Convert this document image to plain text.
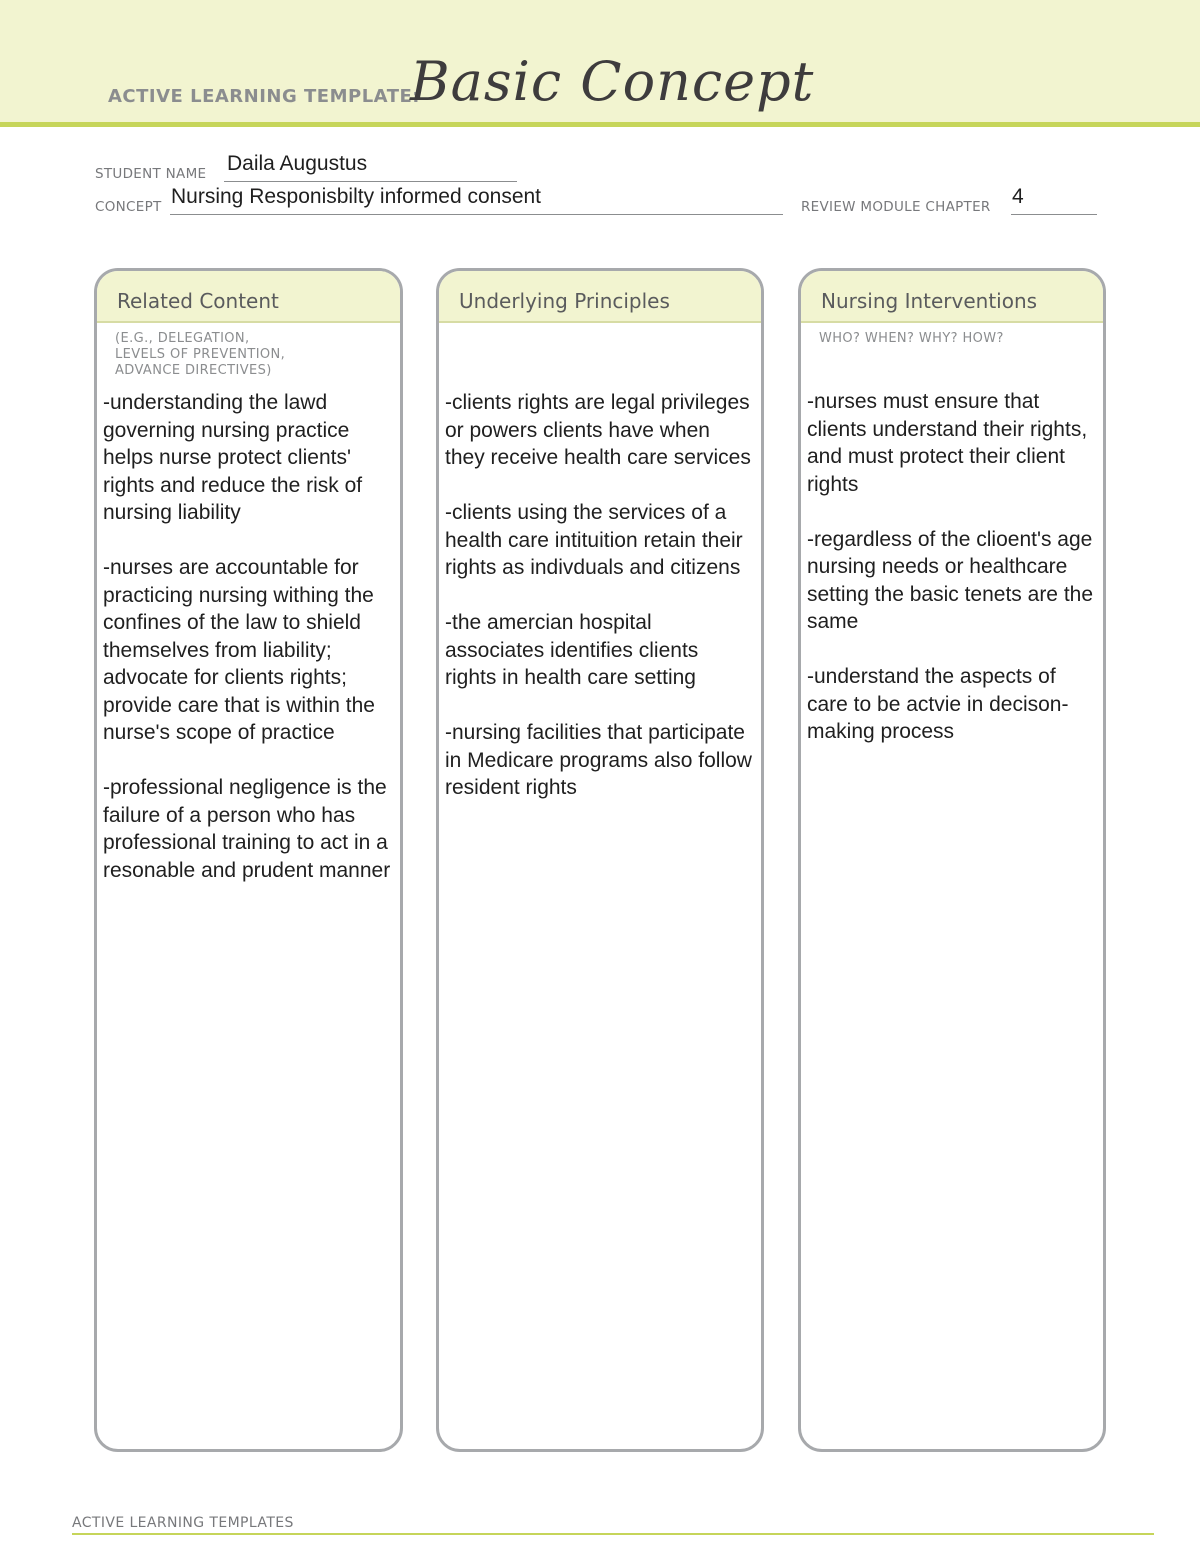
ACTIVE LEARNING TEMPLATE:
Basic Concept
STUDENT NAME Daila Augustus
CONCEPT Nursing Responisbilty informed consent	REVIEW MODULE CHAPTER 4
Related Content
(E.G., DELEGATION,
LEVELS OF PREVENTION,
ADVANCE DIRECTIVES)

-understanding the lawd governing nursing practice helps nurse protect clients' rights and reduce the risk of nursing liability

-nurses are accountable for practicing nursing withing the confines of the law to shield themselves from liability; advocate for clients rights; provide care that is within the nurse's scope of practice

-professional negligence is the failure of a person who has professional training to act in a resonable and prudent manner

Underlying Principles

-clients rights are legal privileges or powers clients have when they receive health care services

-clients using the services of a health care intituition retain their rights as indivduals and citizens

-the amercian hospital associates identifies clients rights in health care setting

-nursing facilities that participate in Medicare programs also follow resident rights

Nursing Interventions
WHO? WHEN? WHY? HOW?

-nurses must ensure that clients understand their rights, and must protect their client rights

-regardless of the clioent's age nursing needs or healthcare setting the basic tenets are the same

-understand the aspects of care to be actvie in decison-making process

ACTIVE LEARNING TEMPLATES
